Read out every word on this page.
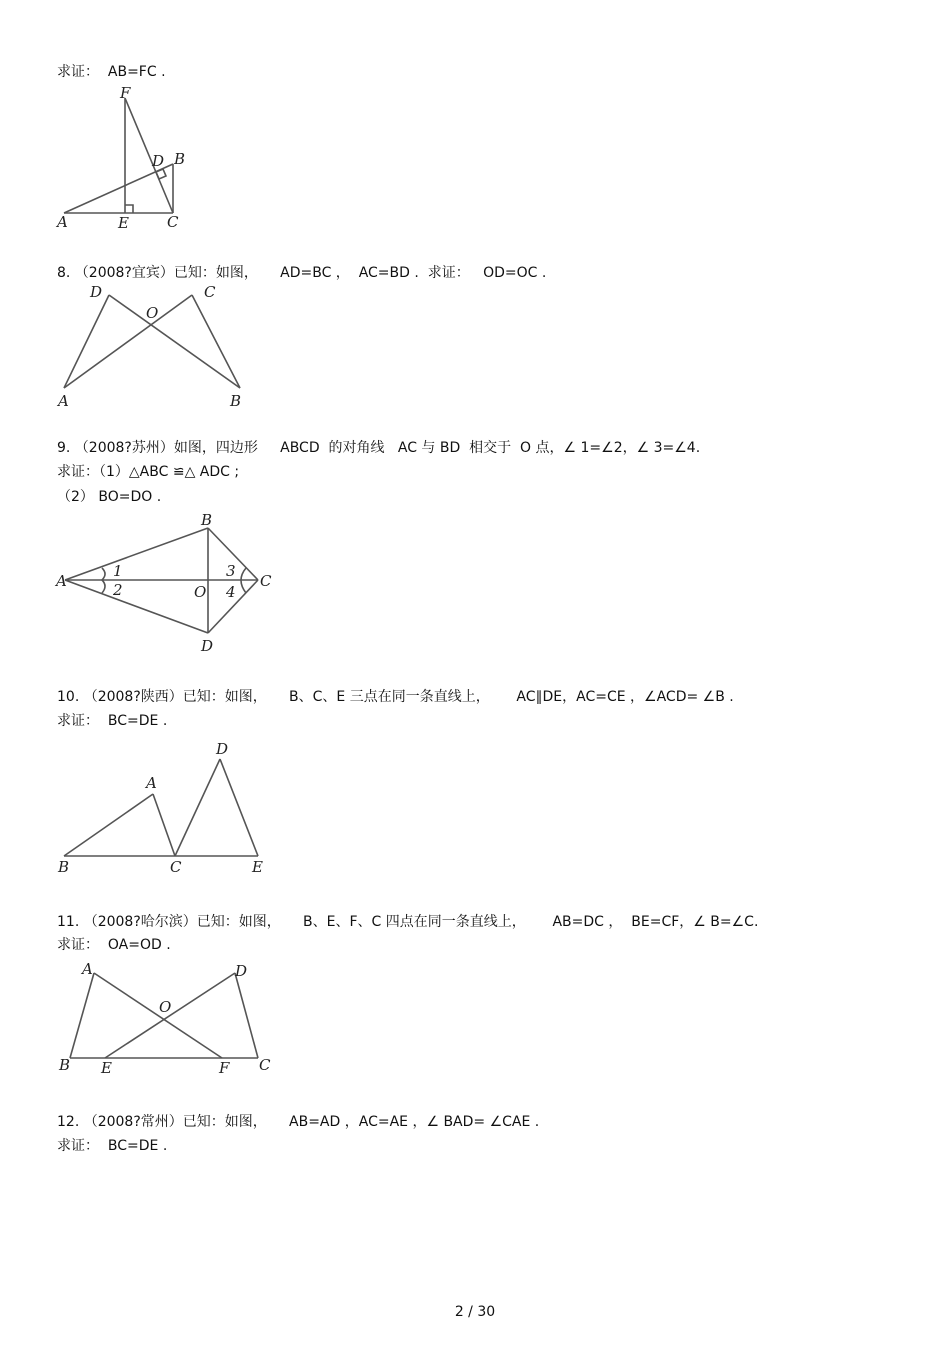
求证：  AB=FC .
F
D B
A	E	C
8. （2008?宜宾）已知：如图，     AD=BC ，  AC=BD .  求证：   OD=OC .
D	C
O
A	B
9. （2008?苏州）如图，四边形     ABCD  的对角线   AC 与 BD  相交于  O 点，∠ 1=∠2，∠ 3=∠4.
求证：（1）△ABC ≌△ ADC ;
（2） BO=DO .
B
A
1
2
3
4
O
C
D
10. （2008?陕西）已知：如图，     B、C、E 三点在同一条直线上，      AC∥DE，AC=CE ，∠ACD= ∠B .
求证：  BC=DE .
D
A
B	C	E
11. （2008?哈尔滨）已知：如图，     B、E、F、C 四点在同一条直线上，      AB=DC ，  BE=CF，∠ B=∠C.
求证：  OA=OD .
A	D
O
B E	F C
12. （2008?常州）已知：如图，     AB=AD ，AC=AE ，∠ BAD= ∠CAE .
求证：  BC=DE .
2 / 30
